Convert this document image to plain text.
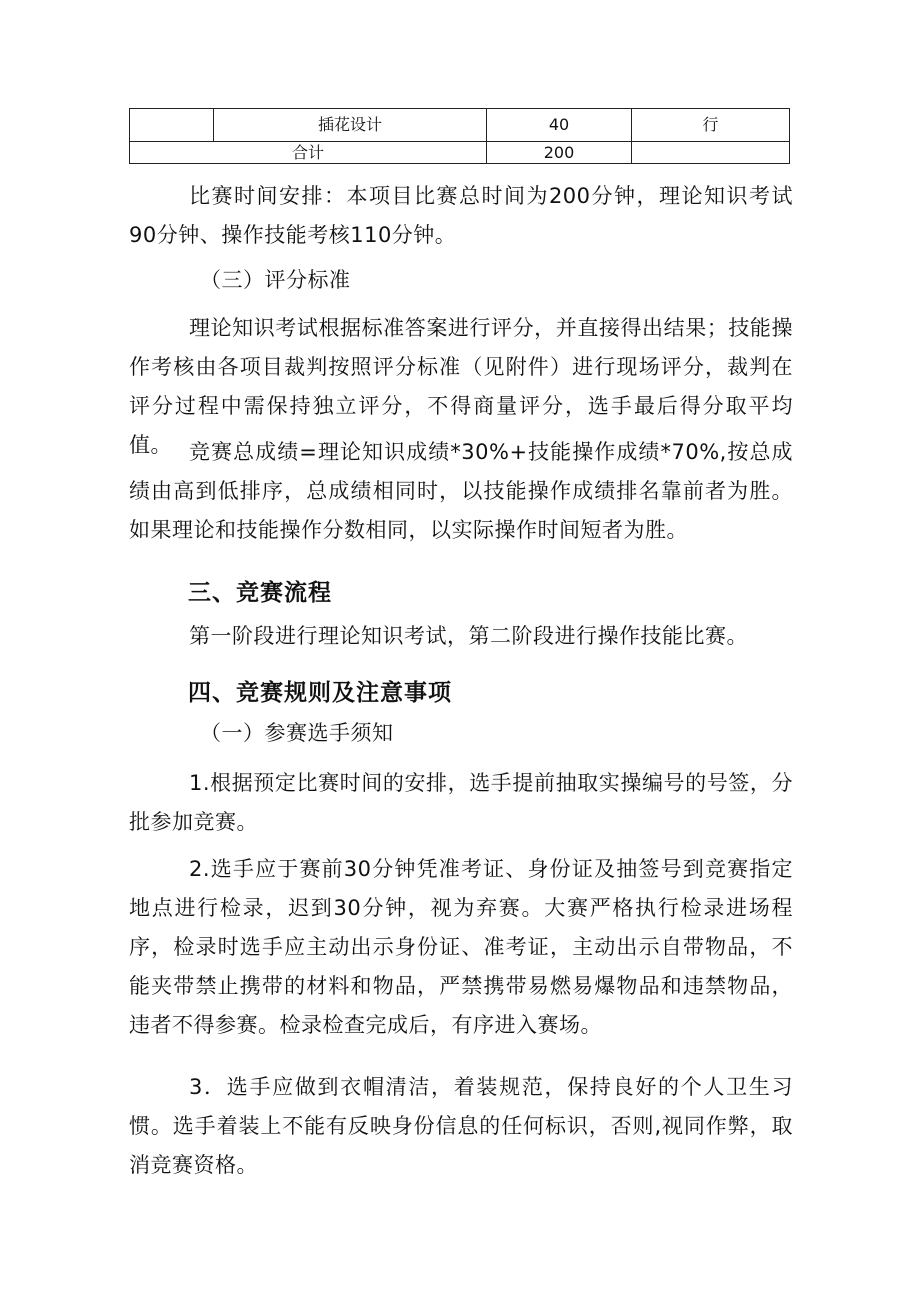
	插花设计	40	行
合计		200	

比赛时间安排：本项目比赛总时间为200分钟，理论知识考试90分钟、操作技能考核110分钟。

（三）评分标准

理论知识考试根据标准答案进行评分，并直接得出结果；技能操作考核由各项目裁判按照评分标准（见附件）进行现场评分，裁判在评分过程中需保持独立评分，不得商量评分，选手最后得分取平均值。 竞赛总成绩=理论知识成绩*30%+技能操作成绩*70%,按总成绩由高到低排序，总成绩相同时，以技能操作成绩排名靠前者为胜。如果理论和技能操作分数相同，以实际操作时间短者为胜。

三、竞赛流程

第一阶段进行理论知识考试，第二阶段进行操作技能比赛。

四、竞赛规则及注意事项

（一）参赛选手须知

1.根据预定比赛时间的安排，选手提前抽取实操编号的号签，分批参加竞赛。

2.选手应于赛前30分钟凭准考证、身份证及抽签号到竞赛指定地点进行检录，迟到30分钟，视为弃赛。大赛严格执行检录进场程序，检录时选手应主动出示身份证、准考证，主动出示自带物品，不能夹带禁止携带的材料和物品，严禁携带易燃易爆物品和违禁物品，违者不得参赛。检录检查完成后，有序进入赛场。

3．选手应做到衣帽清洁，着装规范，保持良好的个人卫生习惯。选手着装上不能有反映身份信息的任何标识，否则,视同作弊，取消竞赛资格。
